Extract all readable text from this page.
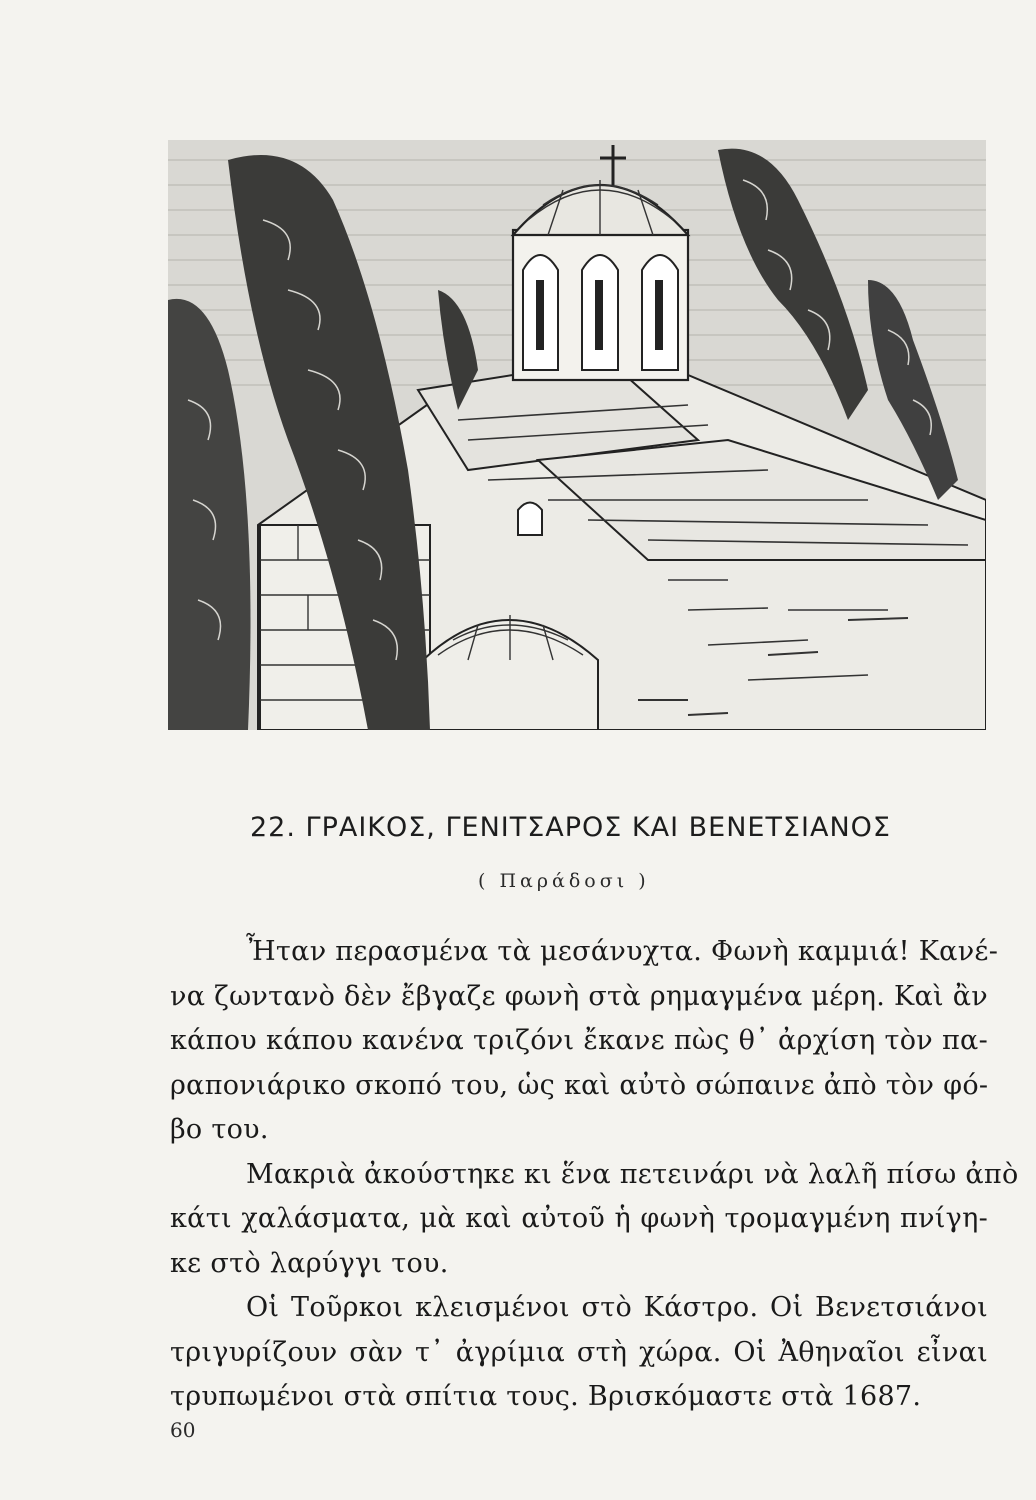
22. ΓΡΑΙΚΟΣ, ΓΕΝΙΤΣΑΡΟΣ ΚΑΙ ΒΕΝΕΤΣΙΑΝΟΣ
( Παράδοσι )

Ἦταν περασμένα τὰ μεσάνυχτα. Φωνὴ καμμιά! Κανέ-
να ζωντανὸ δὲν ἔβγαζε φωνὴ στὰ ρημαγμένα μέρη. Καὶ ἂν
κάπου κάπου κανένα τριζόνι ἔκανε πὼς θ᾿ ἀρχίση τὸν πα-
ραπονιάρικο σκοπό του, ὡς καὶ αὐτὸ σώπαινε ἀπὸ τὸν φό-
βο του.

Μακριὰ ἀκούστηκε κι ἕνα πετεινάρι νὰ λαλῆ πίσω ἀπὸ
κάτι χαλάσματα, μὰ καὶ αὐτοῦ ἡ φωνὴ τρομαγμένη πνίγη-
κε στὸ λαρύγγι του.

Οἱ Τοῦρκοι κλεισμένοι στὸ Κάστρο. Οἱ Βενετσιάνοι
τριγυρίζουν σὰν τ᾿ ἀγρίμια στὴ χώρα. Οἱ Ἀθηναῖοι εἶναι
τρυπωμένοι στὰ σπίτια τους. Βρισκόμαστε στὰ 1687.

60
